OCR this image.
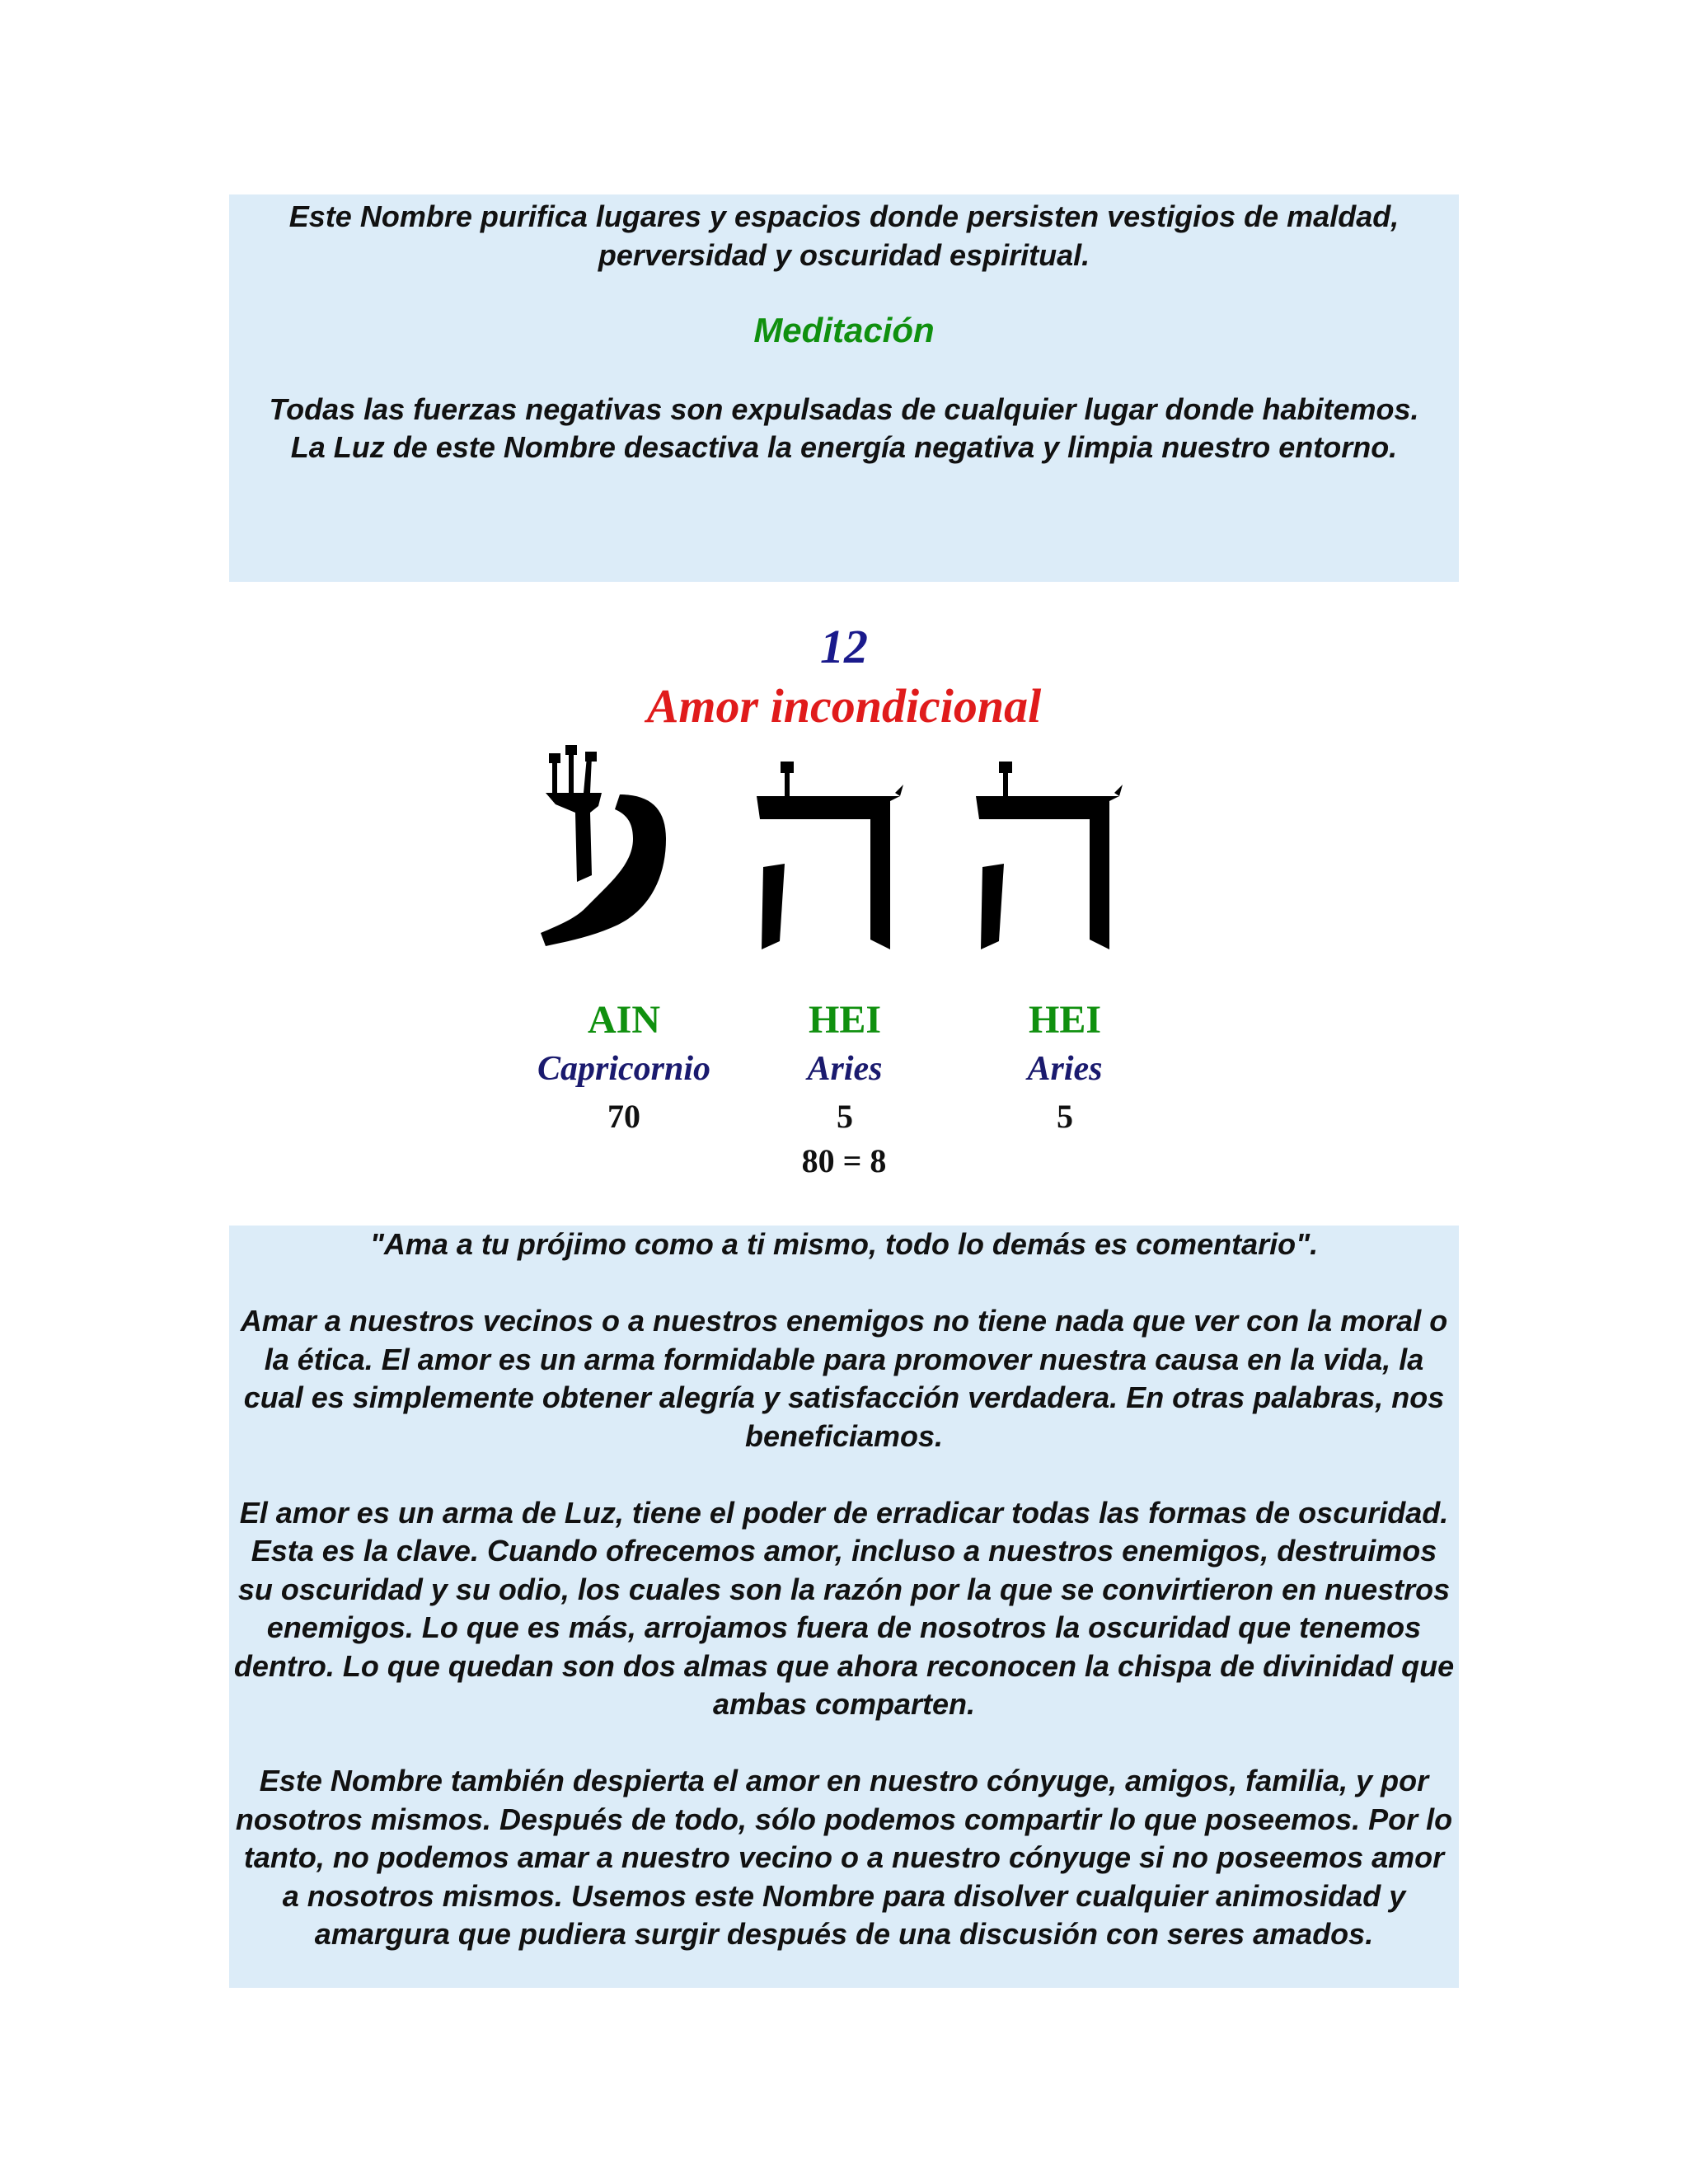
Este Nombre purifica lugares y espacios donde persisten vestigios de maldad, perversidad y oscuridad espiritual.

Meditación

Todas las fuerzas negativas son expulsadas de cualquier lugar donde habitemos. La Luz de este Nombre desactiva la energía negativa y limpia nuestro entorno.

12
Amor incondicional
AIN
Capricornio
70
HEI
Aries
5
HEI
Aries
5
80 = 8

"Ama a tu prójimo como a ti mismo, todo lo demás es comentario".

Amar a nuestros vecinos o a nuestros enemigos no tiene nada que ver con la moral o la ética. El amor es un arma formidable para promover nuestra causa en la vida, la cual es simplemente obtener alegría y satisfacción verdadera. En otras palabras, nos beneficiamos.

El amor es un arma de Luz, tiene el poder de erradicar todas las formas de oscuridad. Esta es la clave. Cuando ofrecemos amor, incluso a nuestros enemigos, destruimos su oscuridad y su odio, los cuales son la razón por la que se convirtieron en nuestros enemigos. Lo que es más, arrojamos fuera de nosotros la oscuridad que tenemos dentro. Lo que quedan son dos almas que ahora reconocen la chispa de divinidad que ambas comparten.

Este Nombre también despierta el amor en nuestro cónyuge, amigos, familia, y por nosotros mismos. Después de todo, sólo podemos compartir lo que poseemos. Por lo tanto, no podemos amar a nuestro vecino o a nuestro cónyuge si no poseemos amor a nosotros mismos. Usemos este Nombre para disolver cualquier animosidad y amargura que pudiera surgir después de una discusión con seres amados.
